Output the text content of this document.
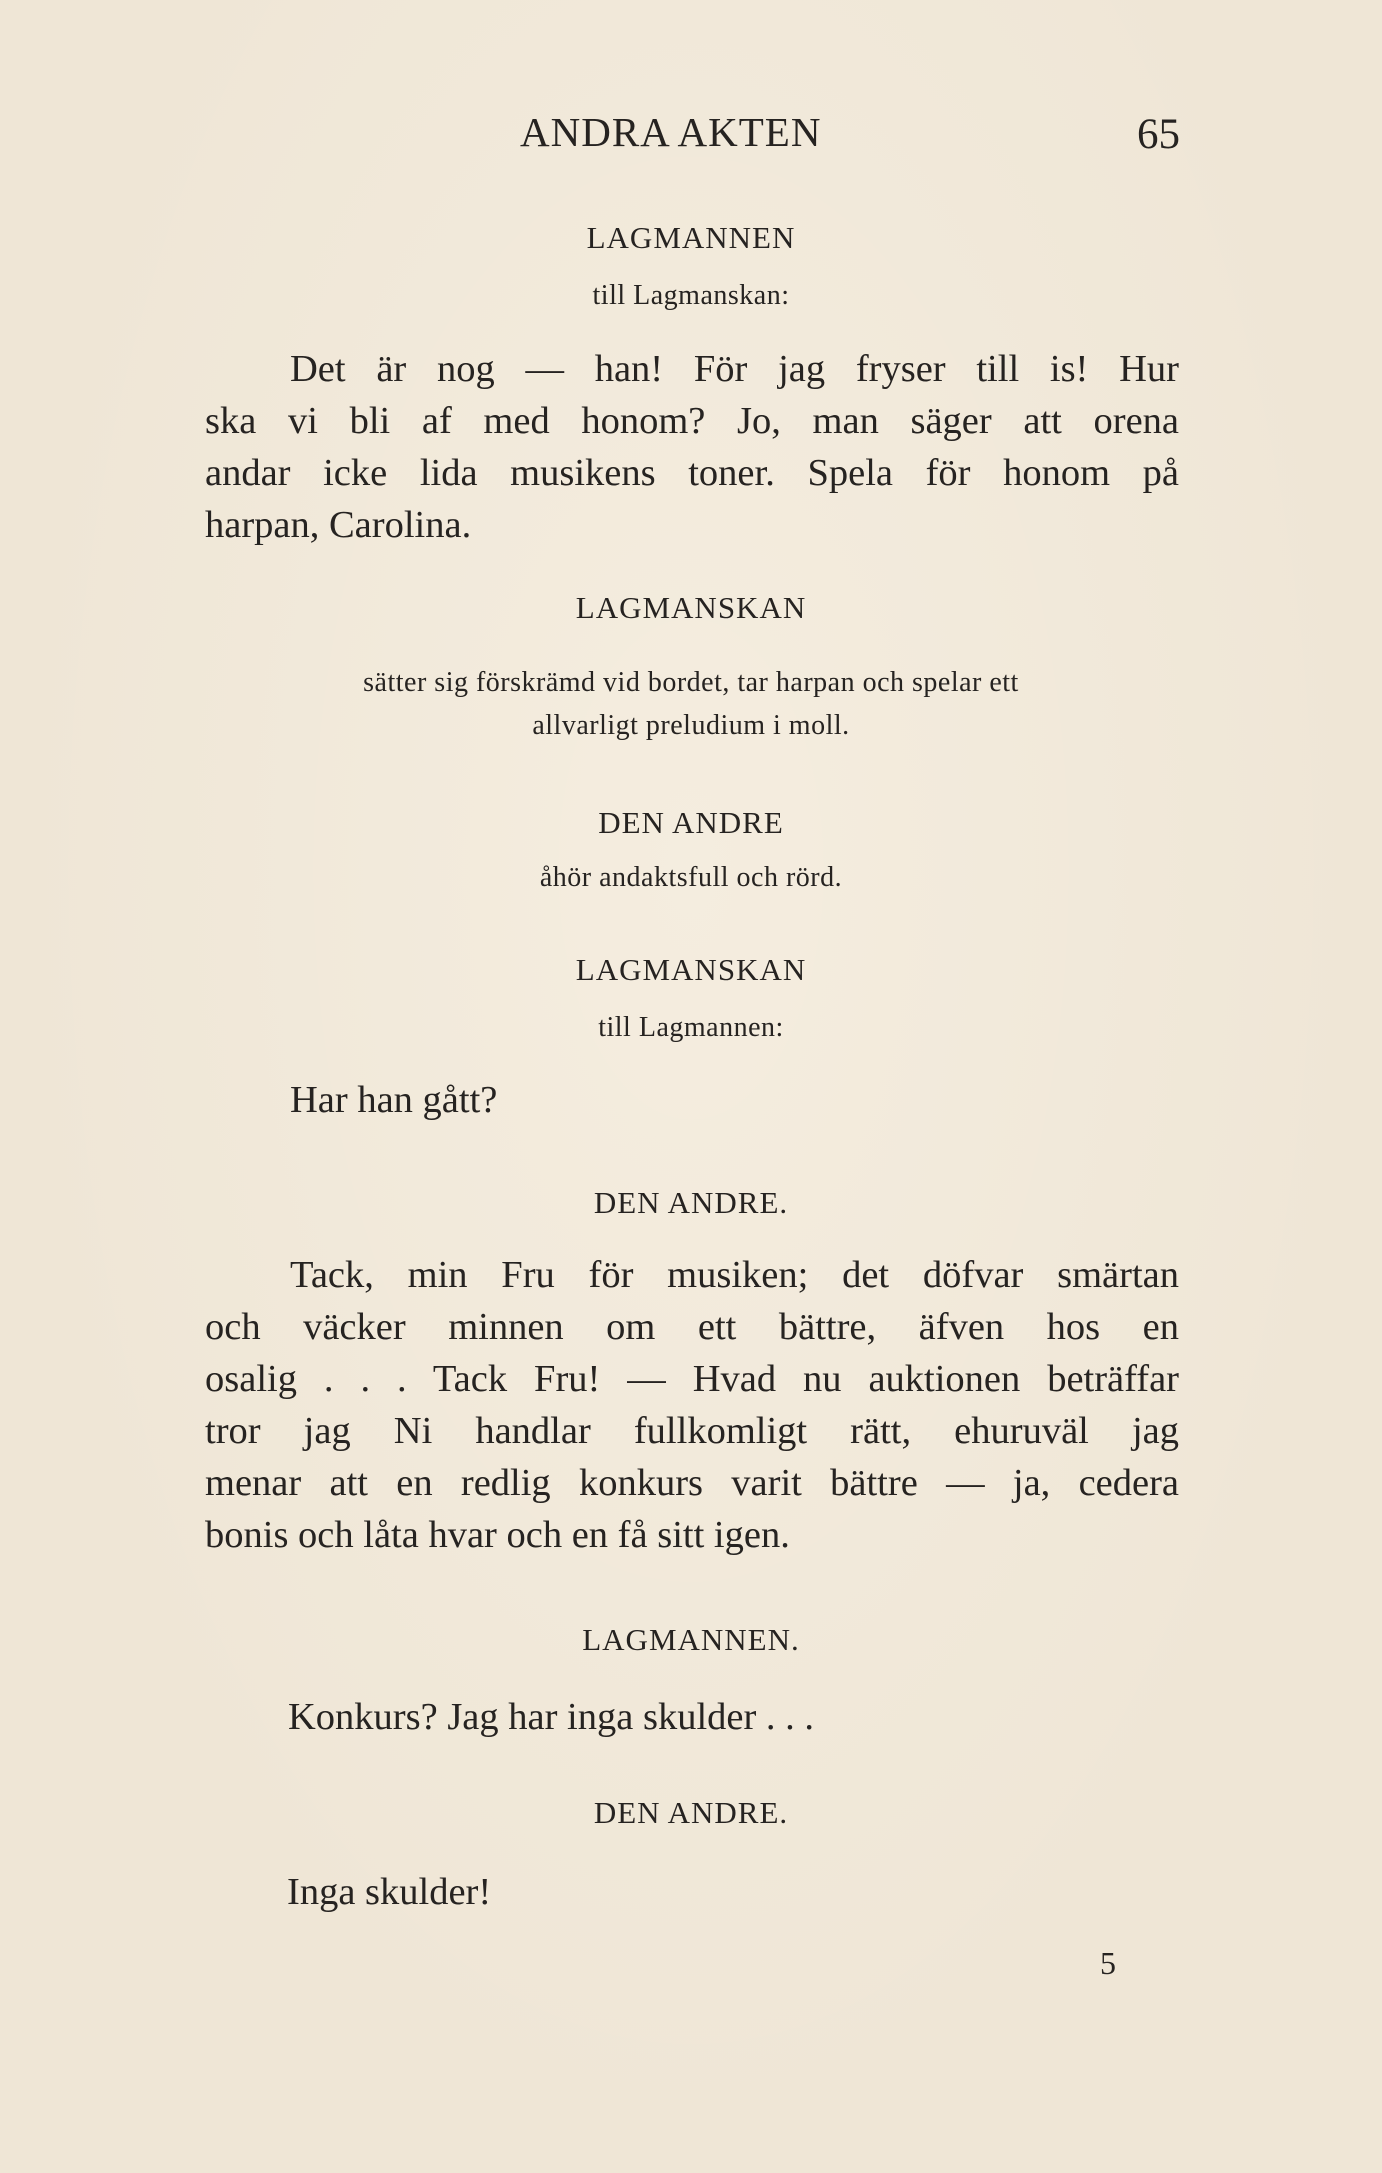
ANDRA AKTEN	65
LAGMANNEN
till Lagmanskan:
Det är nog — han! För jag fryser till is! Hur
ska vi bli af med honom? Jo, man säger att orena
andar icke lida musikens toner. Spela för honom på
harpan, Carolina.
LAGMANSKAN
sätter sig förskrämd vid bordet, tar harpan och spelar ett
allvarligt preludium i moll.
DEN ANDRE
åhör andaktsfull och rörd.
LAGMANSKAN
till Lagmannen:
Har han gått?
DEN ANDRE.
Tack, min Fru för musiken; det döfvar smärtan
och väcker minnen om ett bättre, äfven hos en
osalig . . . Tack Fru! — Hvad nu auktionen beträffar
tror jag Ni handlar fullkomligt rätt, ehuruväl jag
menar att en redlig konkurs varit bättre — ja, cedera
bonis och låta hvar och en få sitt igen.
LAGMANNEN.
Konkurs? Jag har inga skulder . . .
DEN ANDRE.
Inga skulder!
5
